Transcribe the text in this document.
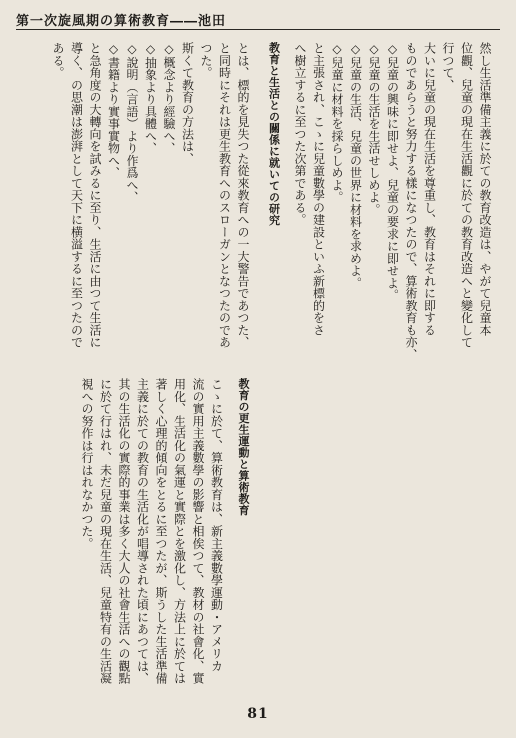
第一次旋風期の算術教育――池田
然し生活準備主義に於ての教育改造は、やがて兒童本
位觀、兒童の現在生活觀に於ての教育改造へと變化して
行つて、
大いに兒童の現在生活を尊重し、教育はそれに即する
ものであらうと努力する樣になつたので、算術教育も亦、
◇兒童の興味に即せよ、兒童の要求に即せよ。
◇兒童の生活を生活せしめよ。
◇兒童の生活、兒童の世界に材料を求めよ。
◇兒童に材料を採らしめよ。
と主張され、こゝに兒童數學の建設といふ新標的をさ
へ樹立するに至つた次第である。
教育と生活との關係に就いての研究
とは、標的を見失つた從來教育への一大警告であつた、
と同時にそれは更生教育へのスローガンとなつたのであ
つた。
斯くて教育の方法は、
◇概念より經驗へ、
◇抽象より具體へ、
◇說明（言語）より作爲へ、
◇書籍より實事實物へ、
と急角度の大轉向を試みるに至り、生活に由つて生活に
導く、の思潮は澎湃として天下に横溢するに至つたので
ある。
教育の更生運動と算術教育
こゝに於て、算術教育は、新主義數學運動・アメリカ
流の實用主義數學の影響と相俟つて、教材の社會化、實
用化、生活化の氣運と實際とを激化し、方法上に於ては
著しく心理的傾向をとるに至つたが、斯うした生活準備
主義に於ての教育の生活化が唱導された頃にあつては、
其の生活化の實際的事業は多く大人の社會生活への觀點
に於て行はれ、未だ兒童の現在生活、兒童特有の生活凝
視への努作は行はれなかつた。
81
